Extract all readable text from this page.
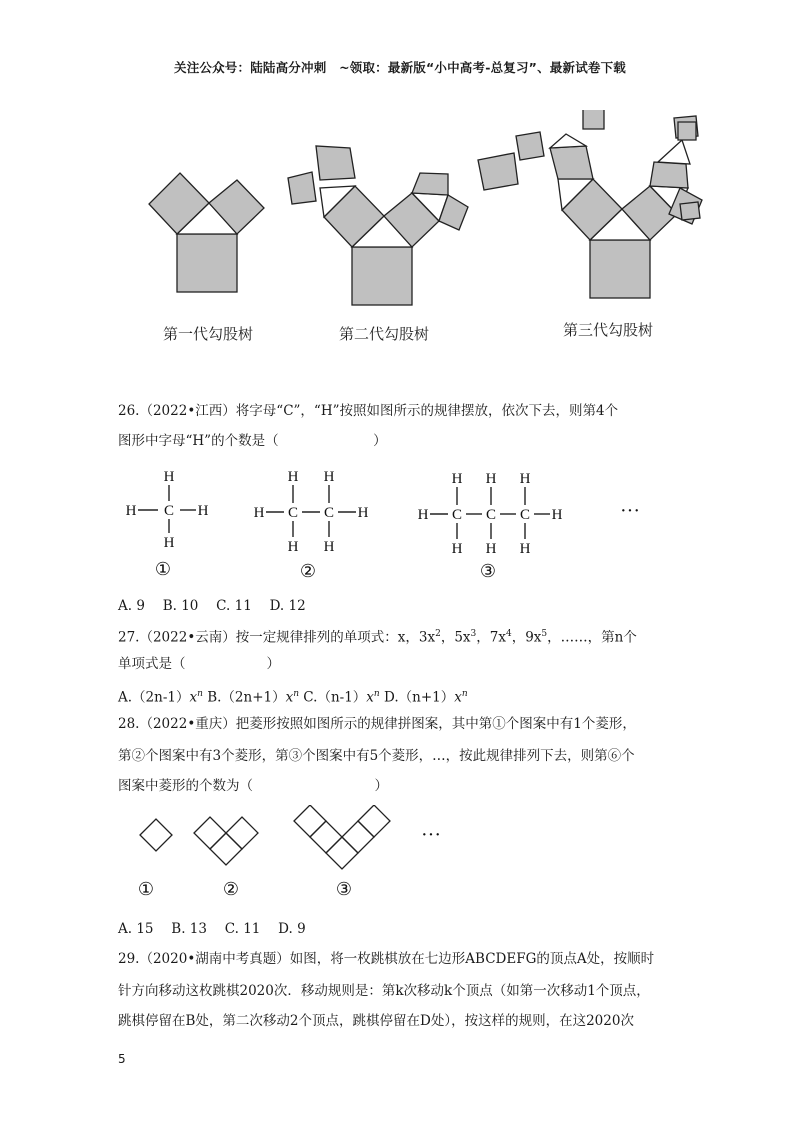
关注公众号：陆陆高分冲刺　~领取：最新版“小中高考-总复习”、最新试卷下载
第一代勾股树	第二代勾股树	第三代勾股树
26.（2022•江西）将字母“C”，“H”按照如图所示的规律摆放，依次下去，则第4个
图形中字母“H”的个数是（　　　　　　　）
H
H C H
H
H H
H C C H
H H
H H H
H C C C H
H H H
···
①	②	③
A. 9　 B. 10　 C. 11　 D. 12
27.（2022•云南）按一定规律排列的单项式：x，$3x^2$，$5x^3$，$7x^4$，$9x^5$，……，第n个
单项式是（　　　　　　）
$A.(2n-1)x^n$ $B.(2n+1)x^n$ $C.(n-1)x^n$ $D.(n+1)x^n$
28.（2022•重庆）把菱形按照如图所示的规律拼图案，其中第①个图案中有1个菱形，
第②个图案中有3个菱形，第③个图案中有5个菱形，…，按此规律排列下去，则第⑥个
图案中菱形的个数为（　　　　　　　　　）
···
①	②	③
A. 15　 B. 13　 C. 11　 D. 9
29.（2020•湖南中考真题）如图，将一枚跳棋放在七边形ABCDEFG的顶点A处，按顺时
针方向移动这枚跳棋2020次．移动规则是：第k次移动k个顶点（如第一次移动1个顶点，
跳棋停留在B处，第二次移动2个顶点，跳棋停留在D处），按这样的规则，在这2020次
5
